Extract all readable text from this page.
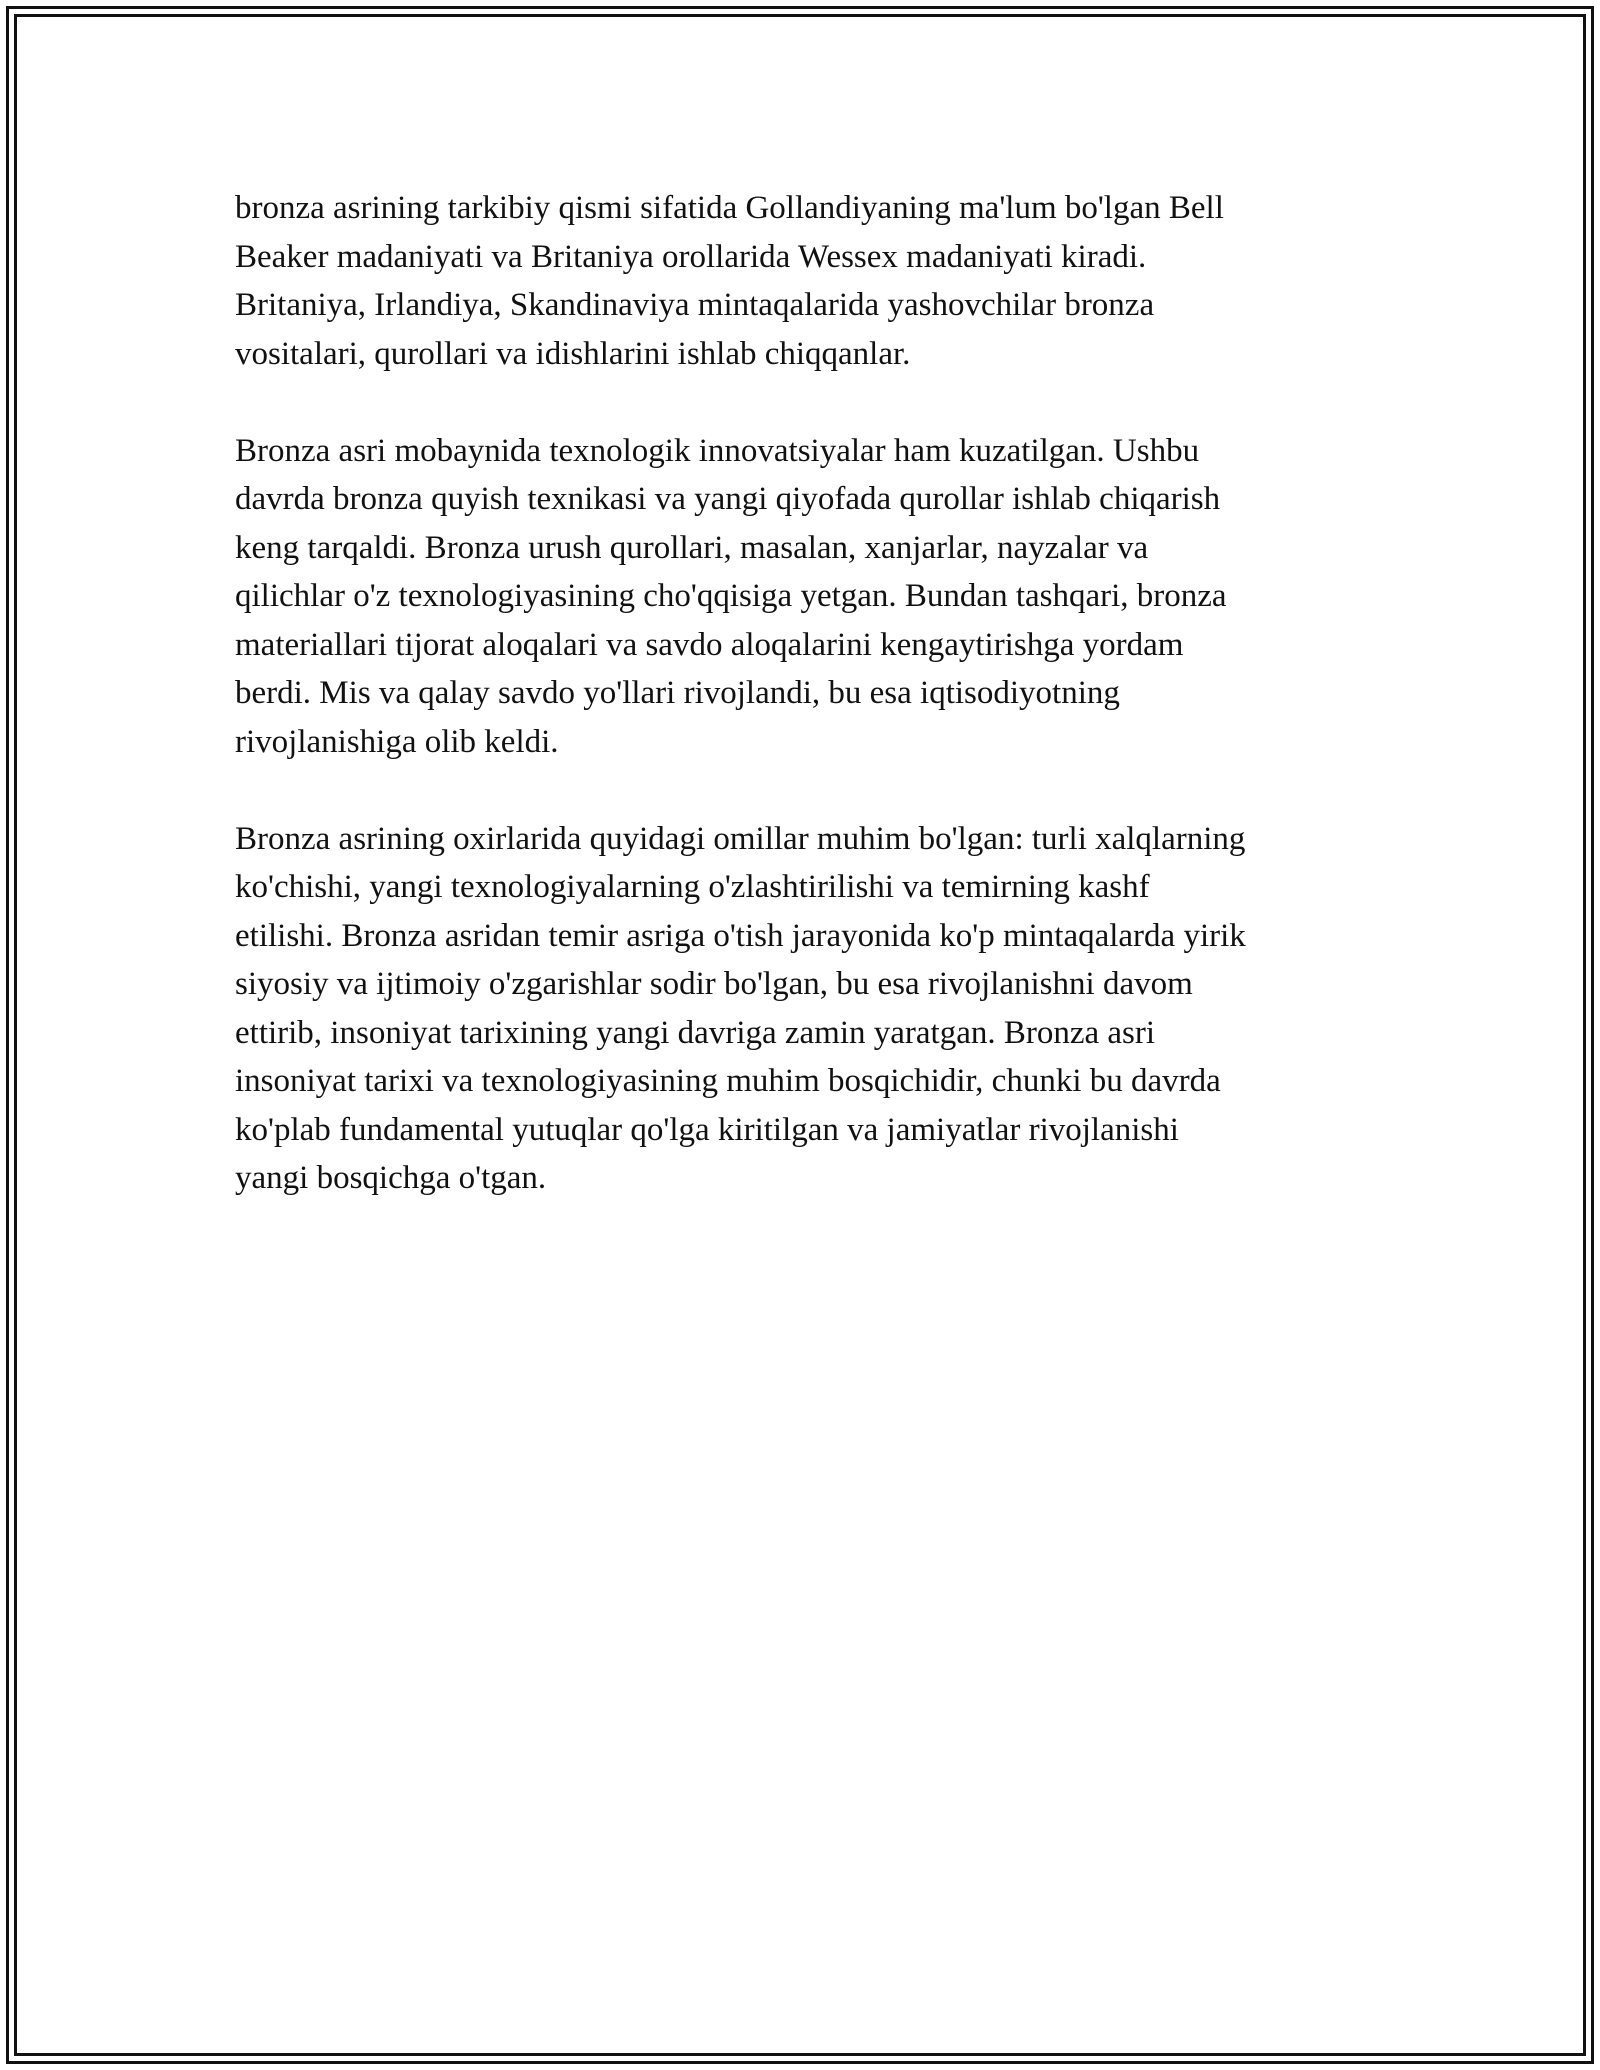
bronza asrining tarkibiy qismi sifatida Gollandiyaning ma'lum bo'lgan Bell
Beaker madaniyati va Britaniya orollarida Wessex madaniyati kiradi.
Britaniya, Irlandiya, Skandinaviya mintaqalarida yashovchilar bronza
vositalari, qurollari va idishlarini ishlab chiqqanlar.

Bronza asri mobaynida texnologik innovatsiyalar ham kuzatilgan. Ushbu
davrda bronza quyish texnikasi va yangi qiyofada qurollar ishlab chiqarish
keng tarqaldi. Bronza urush qurollari, masalan, xanjarlar, nayzalar va
qilichlar o'z texnologiyasining cho'qqisiga yetgan. Bundan tashqari, bronza
materiallari tijorat aloqalari va savdo aloqalarini kengaytirishga yordam
berdi. Mis va qalay savdo yo'llari rivojlandi, bu esa iqtisodiyotning
rivojlanishiga olib keldi.

Bronza asrining oxirlarida quyidagi omillar muhim bo'lgan: turli xalqlarning
ko'chishi, yangi texnologiyalarning o'zlashtirilishi va temirning kashf
etilishi. Bronza asridan temir asriga o'tish jarayonida ko'p mintaqalarda yirik
siyosiy va ijtimoiy o'zgarishlar sodir bo'lgan, bu esa rivojlanishni davom
ettirib, insoniyat tarixining yangi davriga zamin yaratgan. Bronza asri
insoniyat tarixi va texnologiyasining muhim bosqichidir, chunki bu davrda
ko'plab fundamental yutuqlar qo'lga kiritilgan va jamiyatlar rivojlanishi
yangi bosqichga o'tgan.
